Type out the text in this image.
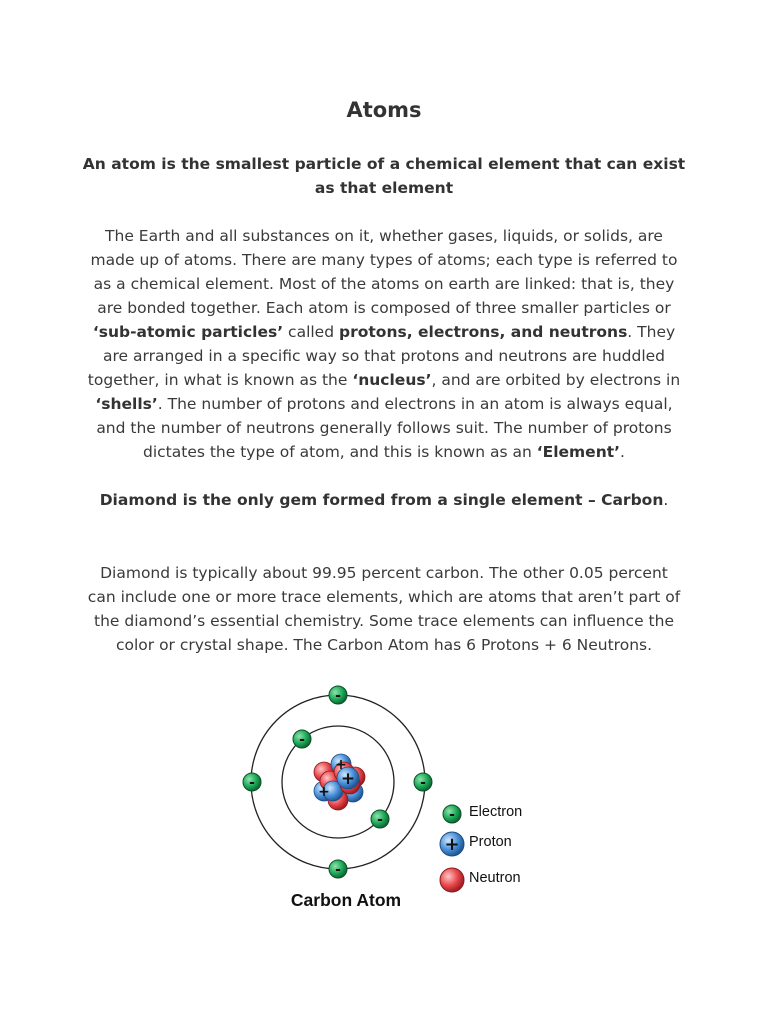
Atoms
An atom is the smallest particle of a chemical element that can exist as that element
The Earth and all substances on it, whether gases, liquids, or solids, are made up of atoms. There are many types of atoms; each type is referred to as a chemical element. Most of the atoms on earth are linked: that is, they are bonded together. Each atom is composed of three smaller particles or ‘sub-atomic particles’ called protons, electrons, and neutrons. They are arranged in a specific way so that protons and neutrons are huddled together, in what is known as the ‘nucleus’, and are orbited by electrons in ‘shells’. The number of protons and electrons in an atom is always equal, and the number of neutrons generally follows suit. The number of protons dictates the type of atom, and this is known as an ‘Element’.
Diamond is the only gem formed from a single element – Carbon.
Diamond is typically about 99.95 percent carbon. The other 0.05 percent can include one or more trace elements, which are atoms that aren’t part of the diamond’s essential chemistry. Some trace elements can influence the color or crystal shape. The Carbon Atom has 6 Protons + 6 Neutrons.
+
+
+
-
-	-
-
-
-	-
+
Electron
Proton
Neutron
Carbon Atom
